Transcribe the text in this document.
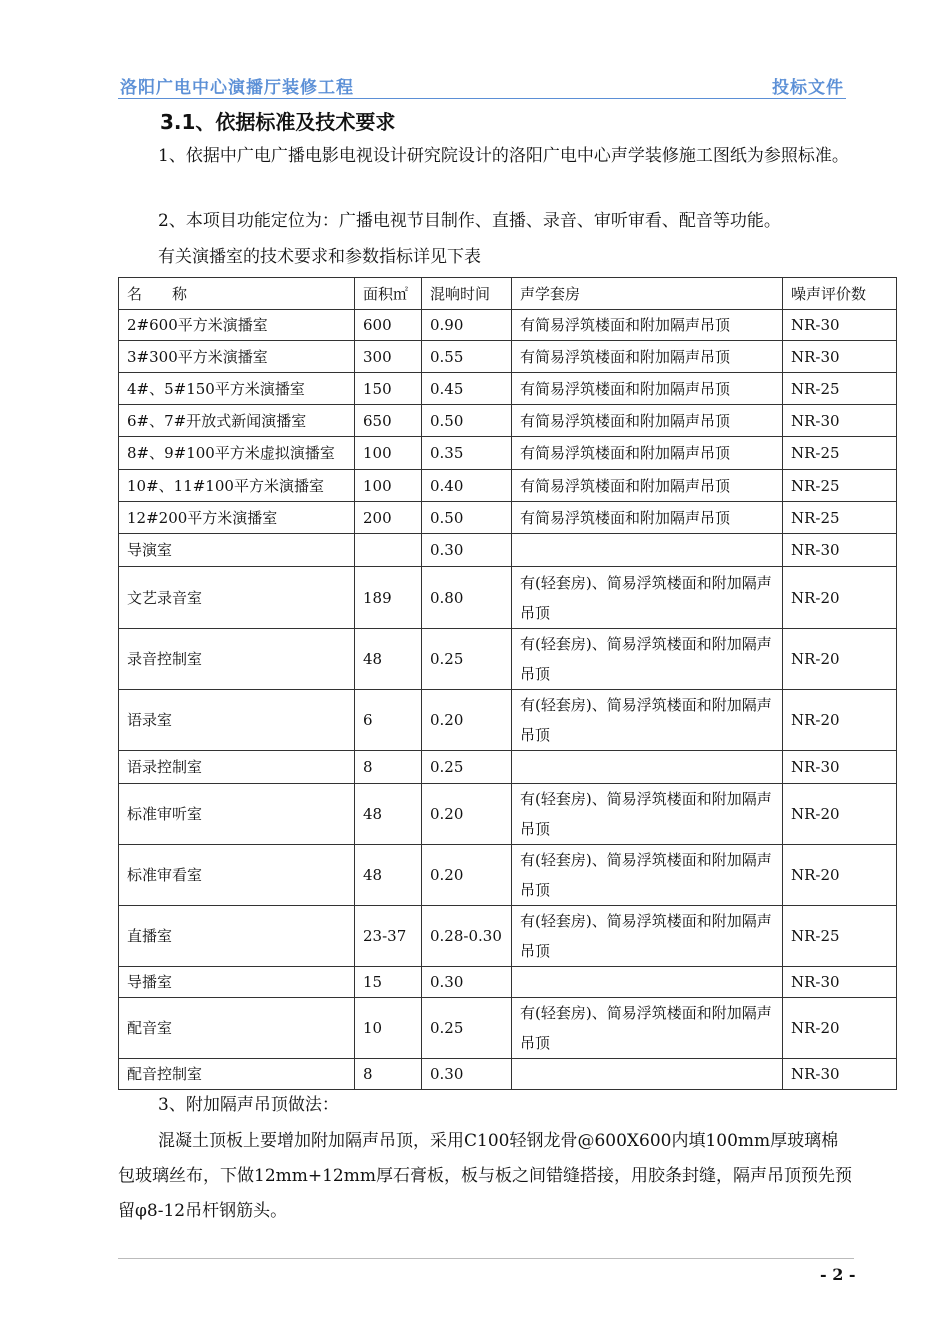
洛阳广电中心演播厅装修工程	投标文件
3.1、依据标准及技术要求
1、依据中广电广播电影电视设计研究院设计的洛阳广电中心声学装修施工图纸为参照标准。
2、本项目功能定位为：广播电视节目制作、直播、录音、审听审看、配音等功能。
有关演播室的技术要求和参数指标详见下表
名　　称	面积㎡	混响时间	声学套房	噪声评价数
2#600平方米演播室	600	0.90	有简易浮筑楼面和附加隔声吊顶	NR-30
3#300平方米演播室	300	0.55	有简易浮筑楼面和附加隔声吊顶	NR-30
4#、5#150平方米演播室	150	0.45	有简易浮筑楼面和附加隔声吊顶	NR-25
6#、7#开放式新闻演播室	650	0.50	有简易浮筑楼面和附加隔声吊顶	NR-30
8#、9#100平方米虚拟演播室	100	0.35	有简易浮筑楼面和附加隔声吊顶	NR-25
10#、11#100平方米演播室	100	0.40	有简易浮筑楼面和附加隔声吊顶	NR-25
12#200平方米演播室	200	0.50	有简易浮筑楼面和附加隔声吊顶	NR-25
导演室		0.30		NR-30
文艺录音室	189	0.80	有(轻套房)、简易浮筑楼面和附加隔声吊顶	NR-20
录音控制室	48	0.25	有(轻套房)、简易浮筑楼面和附加隔声吊顶	NR-20
语录室	6	0.20	有(轻套房)、简易浮筑楼面和附加隔声吊顶	NR-20
语录控制室	8	0.25		NR-30
标准审听室	48	0.20	有(轻套房)、简易浮筑楼面和附加隔声吊顶	NR-20
标准审看室	48	0.20	有(轻套房)、简易浮筑楼面和附加隔声吊顶	NR-20
直播室	23-37	0.28-0.30	有(轻套房)、简易浮筑楼面和附加隔声吊顶	NR-25
导播室	15	0.30		NR-30
配音室	10	0.25	有(轻套房)、简易浮筑楼面和附加隔声吊顶	NR-20
配音控制室	8	0.30		NR-30
3、附加隔声吊顶做法：
混凝土顶板上要增加附加隔声吊顶，采用C100轻钢龙骨@600X600内填100mm厚玻璃棉包玻璃丝布，下做12mm+12mm厚石膏板，板与板之间错缝搭接，用胶条封缝，隔声吊顶预先预留φ8-12吊杆钢筋头。
- 2 -
